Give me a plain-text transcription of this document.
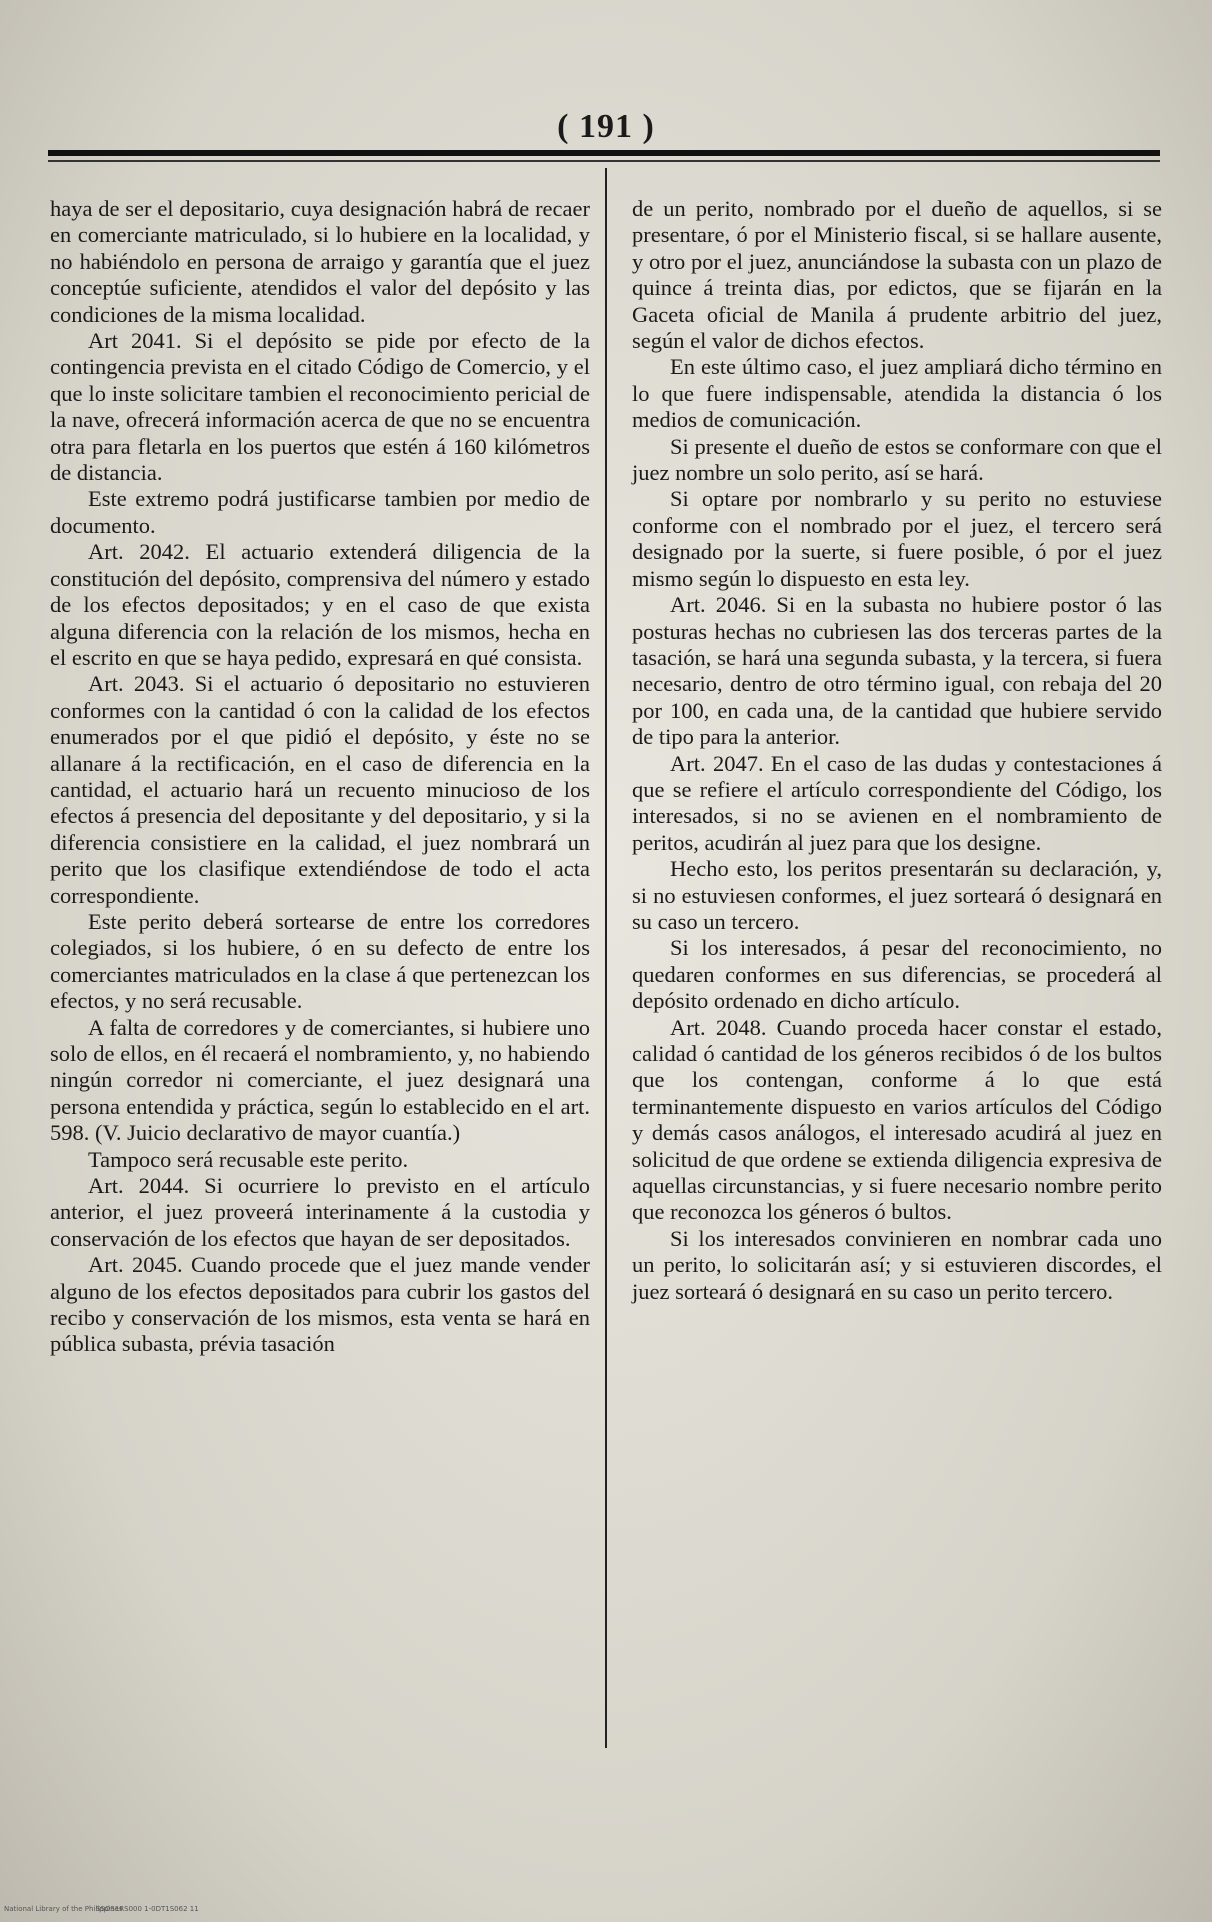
( 191 )

haya de ser el depositario, cuya designación habrá de recaer en comerciante matriculado, si lo hubiere en la localidad, y no habiéndolo en persona de arraigo y garantía que el juez conceptúe suficiente, atendidos el valor del depósito y las condiciones de la misma localidad.

Art 2041. Si el depósito se pide por efecto de la contingencia prevista en el citado Código de Comercio, y el que lo inste solicitare tambien el reconocimiento pericial de la nave, ofrecerá información acerca de que no se encuentra otra para fletarla en los puertos que estén á 160 kilómetros de distancia.

Este extremo podrá justificarse tambien por medio de documento.

Art. 2042. El actuario extenderá diligencia de la constitución del depósito, comprensiva del número y estado de los efectos depositados; y en el caso de que exista alguna diferencia con la relación de los mismos, hecha en el escrito en que se haya pedido, expresará en qué consista.

Art. 2043. Si el actuario ó depositario no estuvieren conformes con la cantidad ó con la calidad de los efectos enumerados por el que pidió el depósito, y éste no se allanare á la rectificación, en el caso de diferencia en la cantidad, el actuario hará un recuento minucioso de los efectos á presencia del depositante y del depositario, y si la diferencia consistiere en la calidad, el juez nombrará un perito que los clasifique extendiéndose de todo el acta correspondiente.

Este perito deberá sortearse de entre los corredores colegiados, si los hubiere, ó en su defecto de entre los comerciantes matriculados en la clase á que pertenezcan los efectos, y no será recusable.

A falta de corredores y de comerciantes, si hubiere uno solo de ellos, en él recaerá el nombramiento, y, no habiendo ningún corredor ni comerciante, el juez designará una persona entendida y práctica, según lo establecido en el art. 598. (V. Juicio declarativo de mayor cuantía.)

Tampoco será recusable este perito.

Art. 2044. Si ocurriere lo previsto en el artículo anterior, el juez proveerá interinamente á la custodia y conservación de los efectos que hayan de ser depositados.

Art. 2045. Cuando procede que el juez mande vender alguno de los efectos depositados para cubrir los gastos del recibo y conservación de los mismos, esta venta se hará en pública subasta, prévia tasación

de un perito, nombrado por el dueño de aquellos, si se presentare, ó por el Ministerio fiscal, si se hallare ausente, y otro por el juez, anunciándose la subasta con un plazo de quince á treinta dias, por edictos, que se fijarán en la Gaceta oficial de Manila á prudente arbitrio del juez, según el valor de dichos efectos.

En este último caso, el juez ampliará dicho término en lo que fuere indispensable, atendida la distancia ó los medios de comunicación.

Si presente el dueño de estos se conformare con que el juez nombre un solo perito, así se hará.

Si optare por nombrarlo y su perito no estuviese conforme con el nombrado por el juez, el tercero será designado por la suerte, si fuere posible, ó por el juez mismo según lo dispuesto en esta ley.

Art. 2046. Si en la subasta no hubiere postor ó las posturas hechas no cubriesen las dos terceras partes de la tasación, se hará una segunda subasta, y la tercera, si fuera necesario, dentro de otro término igual, con rebaja del 20 por 100, en cada una, de la cantidad que hubiere servido de tipo para la anterior.

Art. 2047. En el caso de las dudas y contestaciones á que se refiere el artículo correspondiente del Código, los interesados, si no se avienen en el nombramiento de peritos, acudirán al juez para que los designe.

Hecho esto, los peritos presentarán su declaración, y, si no estuviesen conformes, el juez sorteará ó designará en su caso un tercero.

Si los interesados, á pesar del reconocimiento, no quedaren conformes en sus diferencias, se procederá al depósito ordenado en dicho artículo.

Art. 2048. Cuando proceda hacer constar el estado, calidad ó cantidad de los géneros recibidos ó de los bultos que los contengan, conforme á lo que está terminantemente dispuesto en varios artículos del Código y demás casos análogos, el interesado acudirá al juez en solicitud de que ordene se extienda diligencia expresiva de aquellas circunstancias, y si fuere necesario nombre perito que reconozca los géneros ó bultos.

Si los interesados convinieren en nombrar cada uno un perito, lo solicitarán así; y si estuvieren discordes, el juez sorteará ó designará en su caso un perito tercero.

National Library of the Philippines
SSOS1RS000 1-0DT1S062 11
